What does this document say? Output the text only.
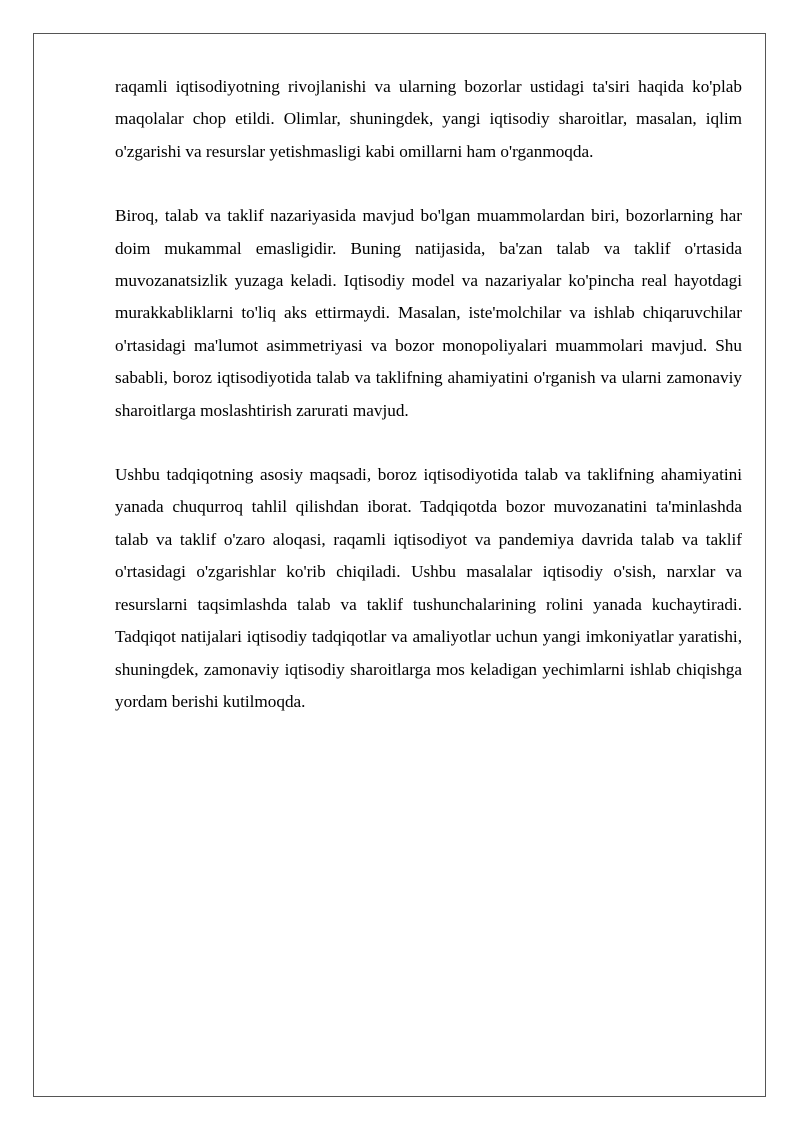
raqamli iqtisodiyotning rivojlanishi va ularning bozorlar ustidagi ta'siri haqida ko'plab maqolalar chop etildi. Olimlar, shuningdek, yangi iqtisodiy sharoitlar, masalan, iqlim o'zgarishi va resurslar yetishmasligi kabi omillarni ham o'rganmoqda.

Biroq, talab va taklif nazariyasida mavjud bo'lgan muammolardan biri, bozorlarning har doim mukammal emasligidir. Buning natijasida, ba'zan talab va taklif o'rtasida muvozanatsizlik yuzaga keladi. Iqtisodiy model va nazariyalar ko'pincha real hayotdagi murakkabliklarni to'liq aks ettirmaydi. Masalan, iste'molchilar va ishlab chiqaruvchilar o'rtasidagi ma'lumot asimmetriyasi va bozor monopoliyalari muammolari mavjud. Shu sababli, boroz iqtisodiyotida talab va taklifning ahamiyatini o'rganish va ularni zamonaviy sharoitlarga moslashtirish zarurati mavjud.

Ushbu tadqiqotning asosiy maqsadi, boroz iqtisodiyotida talab va taklifning ahamiyatini yanada chuqurroq tahlil qilishdan iborat. Tadqiqotda bozor muvozanatini ta'minlashda talab va taklif o'zaro aloqasi, raqamli iqtisodiyot va pandemiya davrida talab va taklif o'rtasidagi o'zgarishlar ko'rib chiqiladi. Ushbu masalalar iqtisodiy o'sish, narxlar va resurslarni taqsimlashda talab va taklif tushunchalarining rolini yanada kuchaytiradi. Tadqiqot natijalari iqtisodiy tadqiqotlar va amaliyotlar uchun yangi imkoniyatlar yaratishi, shuningdek, zamonaviy iqtisodiy sharoitlarga mos keladigan yechimlarni ishlab chiqishga yordam berishi kutilmoqda.
